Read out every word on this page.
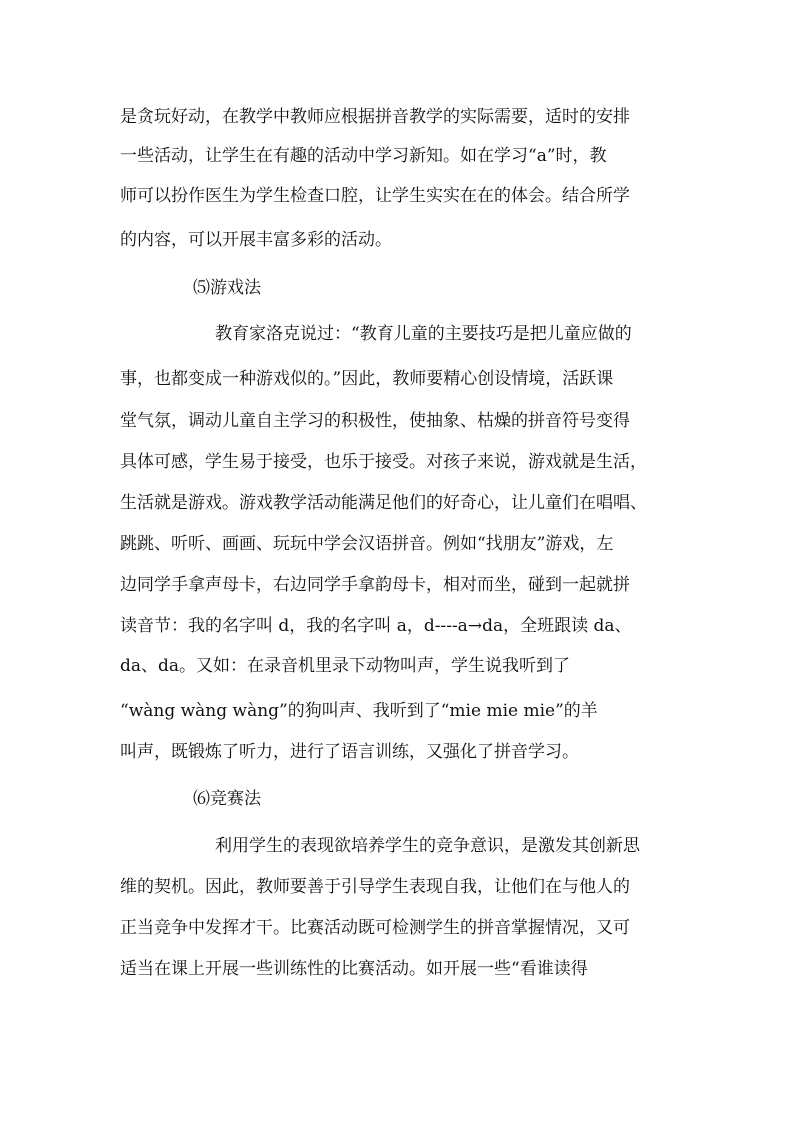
是贪玩好动，在教学中教师应根据拼音教学的实际需要，适时的安排
一些活动，让学生在有趣的活动中学习新知。如在学习“a”时，教
师可以扮作医生为学生检查口腔，让学生实实在在的体会。结合所学
的内容，可以开展丰富多彩的活动。
⑸游戏法
教育家洛克说过：“教育儿童的主要技巧是把儿童应做的
事，也都变成一种游戏似的。”因此，教师要精心创设情境，活跃课
堂气氛，调动儿童自主学习的积极性，使抽象、枯燥的拼音符号变得
具体可感，学生易于接受，也乐于接受。对孩子来说，游戏就是生活，
生活就是游戏。游戏教学活动能满足他们的好奇心，让儿童们在唱唱、
跳跳、听听、画画、玩玩中学会汉语拼音。例如“找朋友”游戏，左
边同学手拿声母卡，右边同学手拿韵母卡，相对而坐，碰到一起就拼
读音节：我的名字叫 d，我的名字叫 a，d----a→da，全班跟读 da、
da、da。又如：在录音机里录下动物叫声，学生说我听到了
“wàng wàng wàng”的狗叫声、我听到了“mie mie mie”的羊
叫声，既锻炼了听力，进行了语言训练，又强化了拼音学习。
⑹竞赛法
利用学生的表现欲培养学生的竞争意识，是激发其创新思
维的契机。因此，教师要善于引导学生表现自我，让他们在与他人的
正当竞争中发挥才干。比赛活动既可检测学生的拼音掌握情况，又可
适当在课上开展一些训练性的比赛活动。如开展一些“看谁读得
